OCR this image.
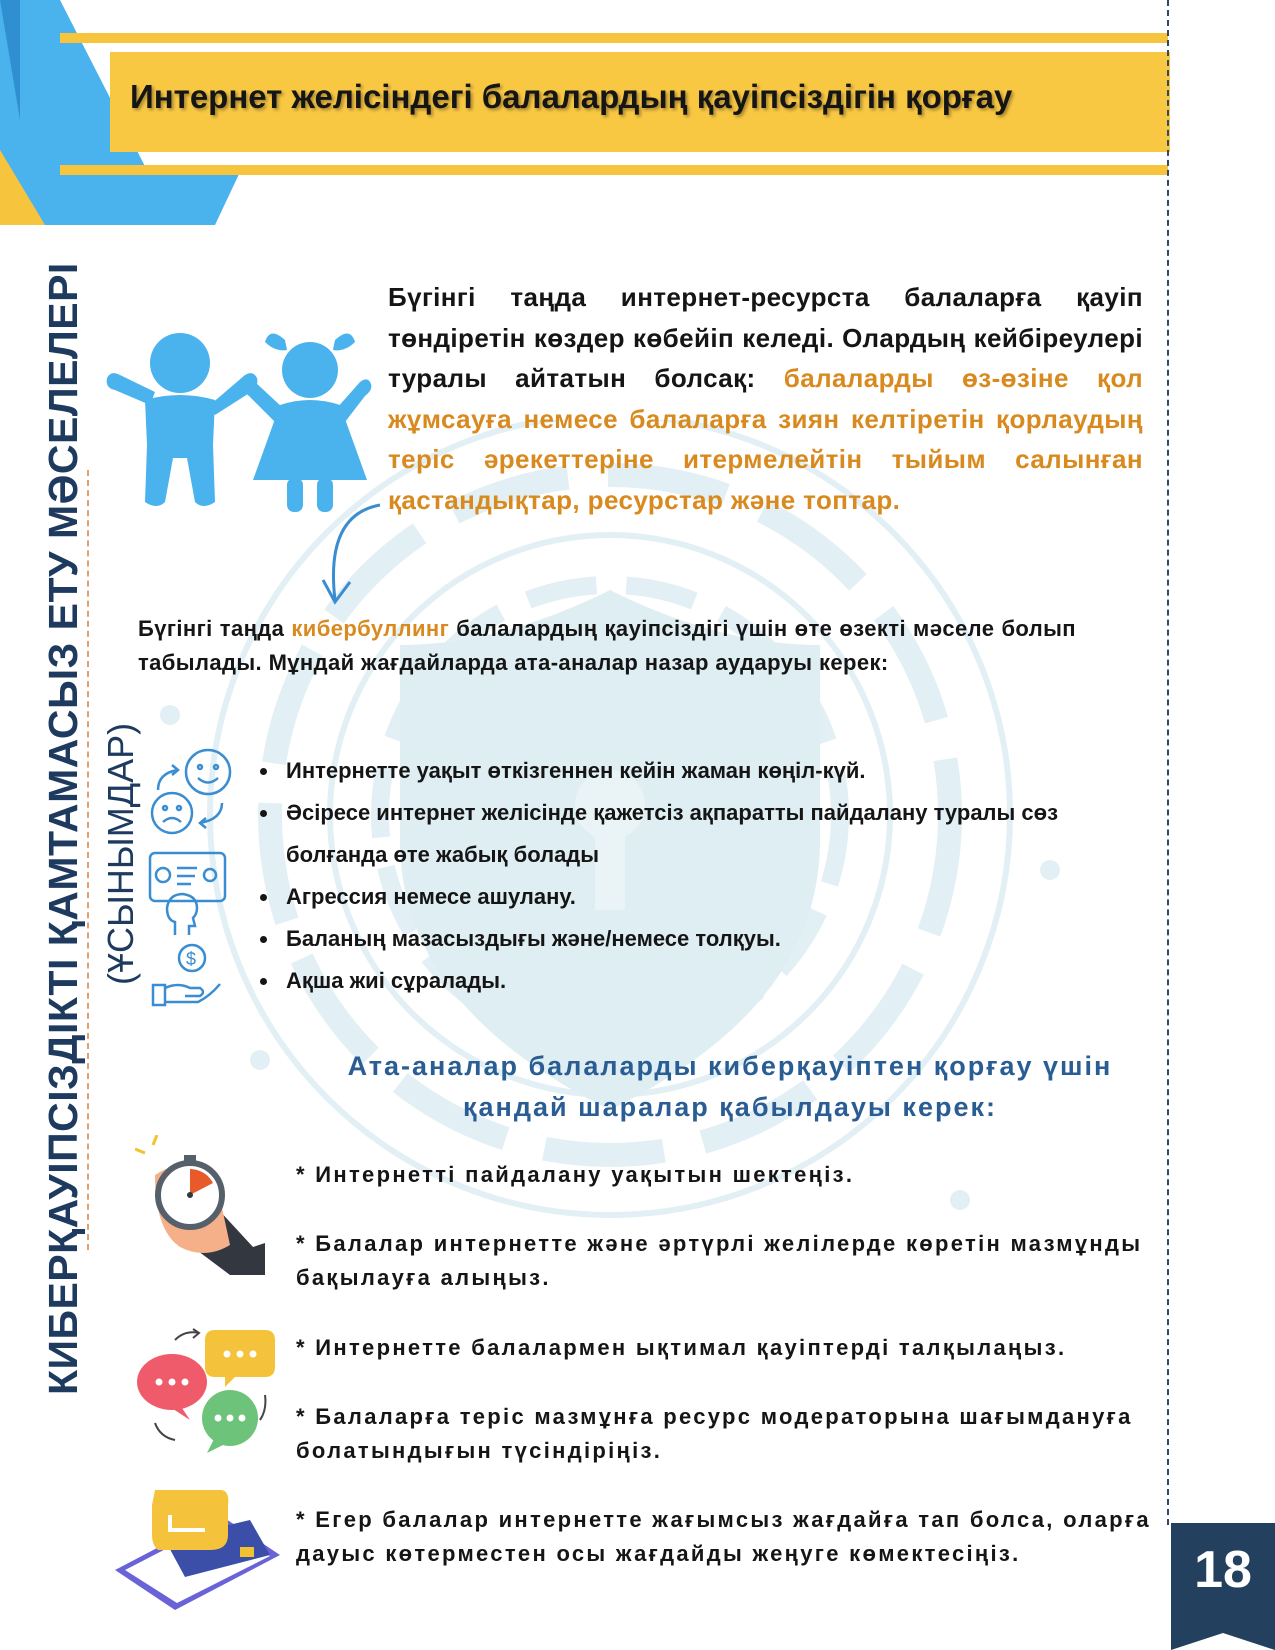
Интернет желісіндегі балалардың қауіпсіздігін қорғау
КИБЕРҚАУІПСІЗДІКТІ ҚАМТАМАСЫЗ ЕТУ МӘСЕЛЕЛЕРІ (ҰСЫНЫМДАР)
Бүгінгі таңда интернет-ресурста балаларға қауіп төндіретін көздер көбейіп келеді. Олардың кейбіреулері туралы айтатын болсақ: балаларды өз-өзіне қол жұмсауға немесе балаларға зиян келтіретін қорлаудың теріс әрекеттеріне итермелейтін тыйым салынған қастандықтар, ресурстар және топтар.
Бүгінгі таңда кибербуллинг балалардың қауіпсіздігі үшін өте өзекті мәселе болып табылады. Мұндай жағдайларда ата-аналар назар аударуы керек:
$
• Интернетте уақыт өткізгеннен кейін жаман көңіл-күй.
• Әсіресе интернет желісінде қажетсіз ақпаратты пайдалану туралы сөз болғанда өте жабық болады
• Агрессия немесе ашулану.
• Баланың мазасыздығы және/немесе толқуы.
• Ақша жиі сұралады.
Ата-аналар балаларды киберқауіптен қорғау үшін қандай шаралар қабылдауы керек:
* Интернетті пайдалану уақытын шектеңіз.
* Балалар интернетте және әртүрлі желілерде көретін мазмұнды бақылауға алыңыз.
* Интернетте балалармен ықтимал қауіптерді талқылаңыз.
* Балаларға теріс мазмұнға ресурс модераторына шағымдануға болатындығын түсіндіріңіз.
* Егер балалар интернетте жағымсыз жағдайға тап болса, оларға дауыс көтерместен осы жағдайды жеңуге көмектесіңіз.	18
